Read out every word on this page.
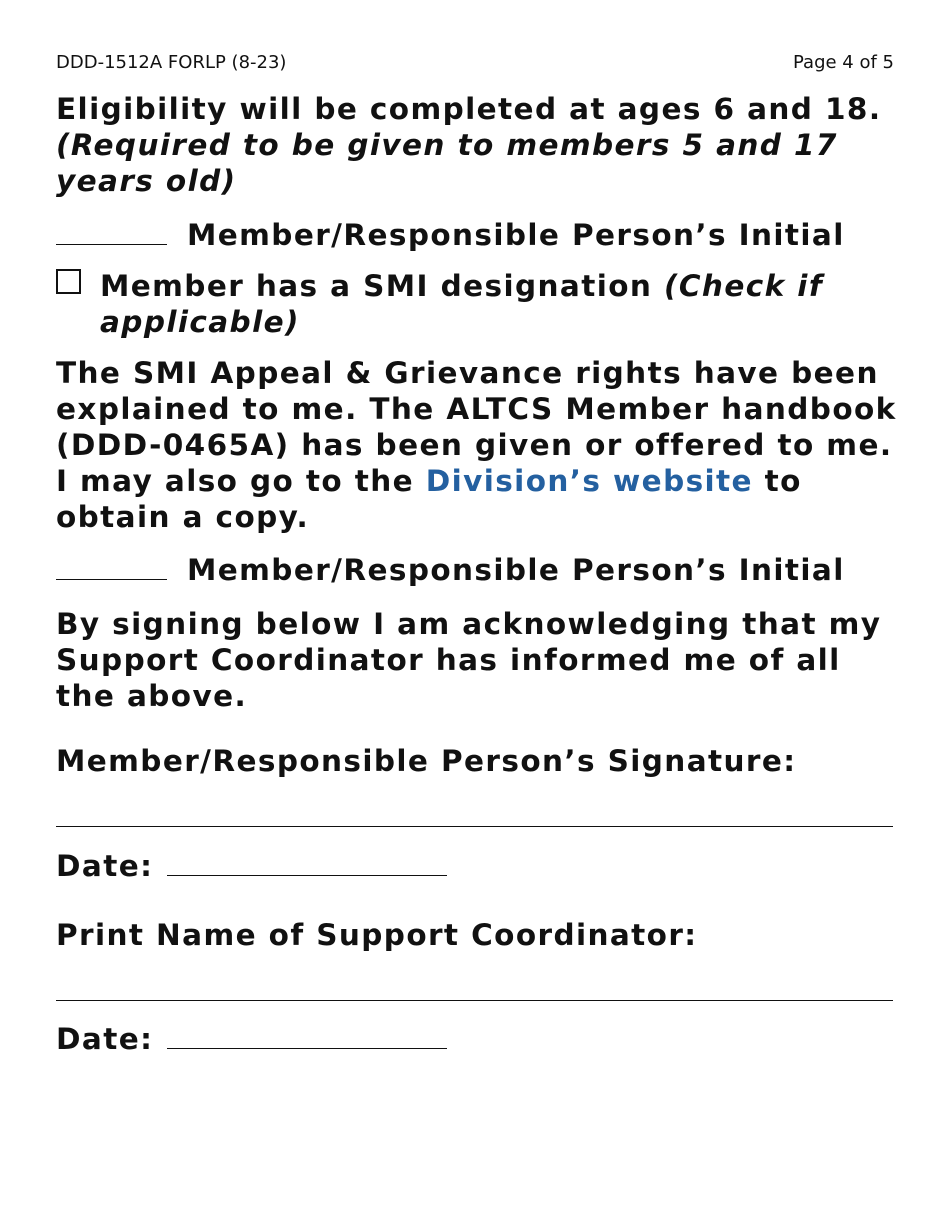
DDD-1512A FORLP (8-23)	Page 4 of 5
Eligibility will be completed at ages 6 and 18. (Required to be given to members 5 and 17 years old)
Member/Responsible Person’s Initial
Member has a SMI designation (Check if applicable)
The SMI Appeal & Grievance rights have been explained to me. The ALTCS Member handbook (DDD-0465A) has been given or offered to me. I may also go to the Division’s website to obtain a copy.
Member/Responsible Person’s Initial
By signing below I am acknowledging that my Support Coordinator has informed me of all the above.
Member/Responsible Person’s Signature:
Date:
Print Name of Support Coordinator:
Date:
